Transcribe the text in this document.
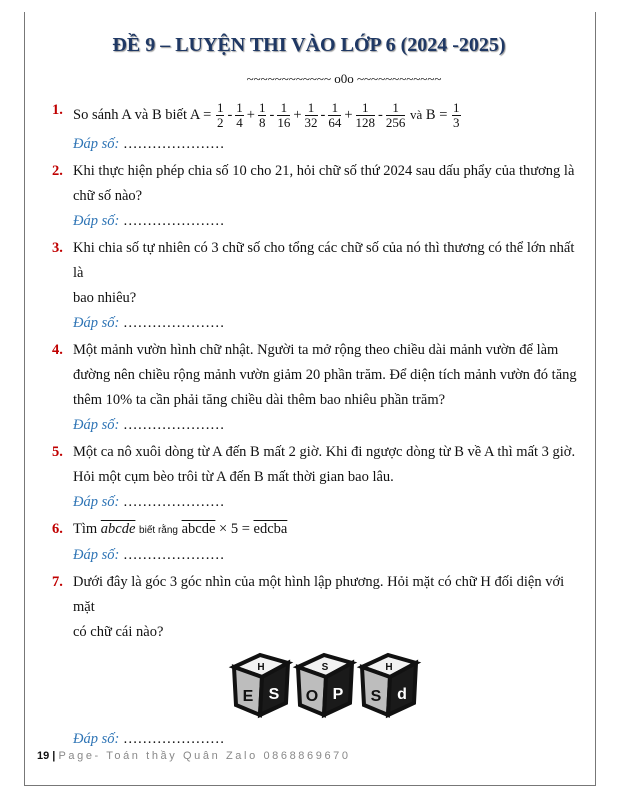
ĐỀ 9 – LUYỆN THI VÀO LỚP 6 (2024 -2025)
~~~~~~~~~~~~ o0o ~~~~~~~~~~~~
1. So sánh A và B biết $A = \frac{1}{2} - \frac{1}{4} + \frac{1}{8} - \frac{1}{16} + \frac{1}{32} - \frac{1}{64} + \frac{1}{128} - \frac{1}{256}$ và $B = \frac{1}{3}$
Đáp số: …………………
2. Khi thực hiện phép chia số 10 cho 21, hỏi chữ số thứ 2024 sau dấu phẩy của thương là
chữ số nào?
Đáp số: …………………
3. Khi chia số tự nhiên có 3 chữ số cho tổng các chữ số của nó thì thương có thể lớn nhất là
bao nhiêu?
Đáp số: …………………
4. Một mảnh vườn hình chữ nhật. Người ta mở rộng theo chiều dài mảnh vườn để làm
đường nên chiều rộng mảnh vườn giảm 20 phần trăm. Để diện tích mảnh vườn đó tăng
thêm 10% ta cần phải tăng chiều dài thêm bao nhiêu phần trăm?
Đáp số: …………………
5. Một ca nô xuôi dòng từ A đến B mất 2 giờ. Khi đi ngược dòng từ B về A thì mất 3 giờ.
Hỏi một cụm bèo trôi từ A đến B mất thời gian bao lâu.
Đáp số: …………………
6. Tìm abcde biết rằng abcde × 5 = edcba
Đáp số: …………………
7. Dưới đây là góc 3 góc nhìn của một hình lập phương. Hỏi mặt có chữ H đối diện với mặt
có chữ cái nào?
H
E S
S
O P
H
S d
Đáp số: …………………
19 | Page- Toán thầy Quân Zalo 0868869670
